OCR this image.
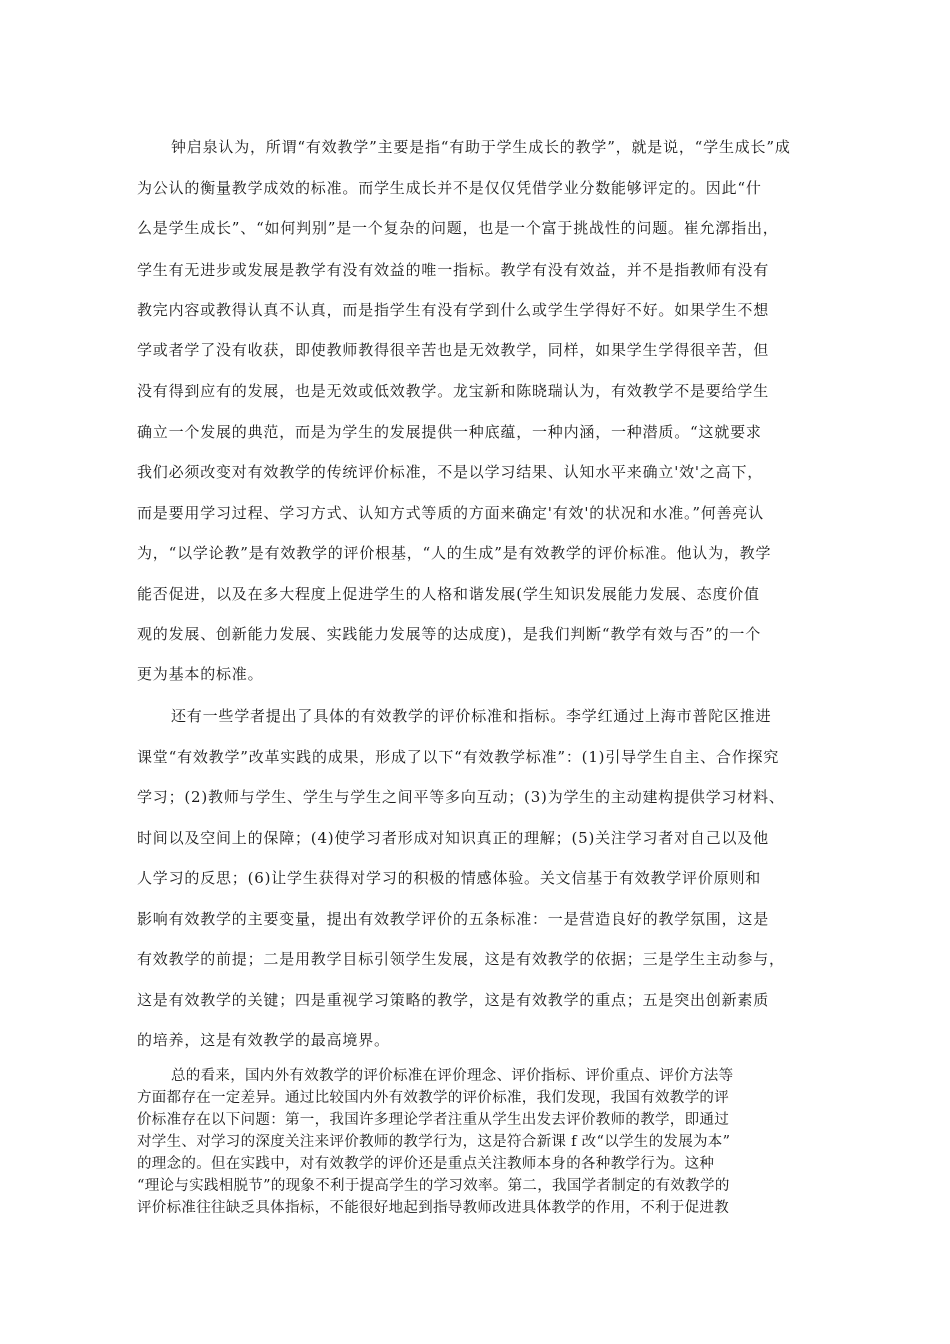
钟启泉认为，所谓“有效教学”主要是指“有助于学生成长的教学”，就是说，“学生成长”成
为公认的衡量教学成效的标准。而学生成长并不是仅仅凭借学业分数能够评定的。因此“什
么是学生成长”、“如何判别”是一个复杂的问题，也是一个富于挑战性的问题。崔允漷指出，
学生有无进步或发展是教学有没有效益的唯一指标。教学有没有效益，并不是指教师有没有
教完内容或教得认真不认真，而是指学生有没有学到什么或学生学得好不好。如果学生不想
学或者学了没有收获，即使教师教得很辛苦也是无效教学，同样，如果学生学得很辛苦，但
没有得到应有的发展，也是无效或低效教学。龙宝新和陈晓瑞认为，有效教学不是要给学生
确立一个发展的典范，而是为学生的发展提供一种底蕴，一种内涵，一种潜质。“这就要求
我们必须改变对有效教学的传统评价标准，不是以学习结果、认知水平来确立'效'之高下，
而是要用学习过程、学习方式、认知方式等质的方面来确定'有效'的状况和水准。”何善亮认
为，“以学论教”是有效教学的评价根基，“人的生成”是有效教学的评价标准。他认为，教学
能否促进，以及在多大程度上促进学生的人格和谐发展(学生知识发展能力发展、态度价值
观的发展、创新能力发展、实践能力发展等的达成度)，是我们判断“教学有效与否”的一个
更为基本的标准。
还有一些学者提出了具体的有效教学的评价标准和指标。李学红通过上海市普陀区推进
课堂“有效教学”改革实践的成果，形成了以下“有效教学标准”：(1)引导学生自主、合作探究
学习；(2)教师与学生、学生与学生之间平等多向互动；(3)为学生的主动建构提供学习材料、
时间以及空间上的保障；(4)使学习者形成对知识真正的理解；(5)关注学习者对自己以及他
人学习的反思；(6)让学生获得对学习的积极的情感体验。关文信基于有效教学评价原则和
影响有效教学的主要变量，提出有效教学评价的五条标准：一是营造良好的教学氛围，这是
有效教学的前提；二是用教学目标引领学生发展，这是有效教学的依据；三是学生主动参与，
这是有效教学的关键；四是重视学习策略的教学，这是有效教学的重点；五是突出创新素质
的培养，这是有效教学的最高境界。
总的看来，国内外有效教学的评价标准在评价理念、评价指标、评价重点、评价方法等
方面都存在一定差异。通过比较国内外有效教学的评价标准，我们发现，我国有效教学的评
价标准存在以下问题：第一，我国许多理论学者注重从学生出发去评价教师的教学，即通过
对学生、对学习的深度关注来评价教师的教学行为，这是符合新课 f 改“以学生的发展为本”
的理念的。但在实践中，对有效教学的评价还是重点关注教师本身的各种教学行为。这种
“理论与实践相脱节”的现象不利于提高学生的学习效率。第二，我国学者制定的有效教学的
评价标准往往缺乏具体指标，不能很好地起到指导教师改进具体教学的作用，不利于促进教
